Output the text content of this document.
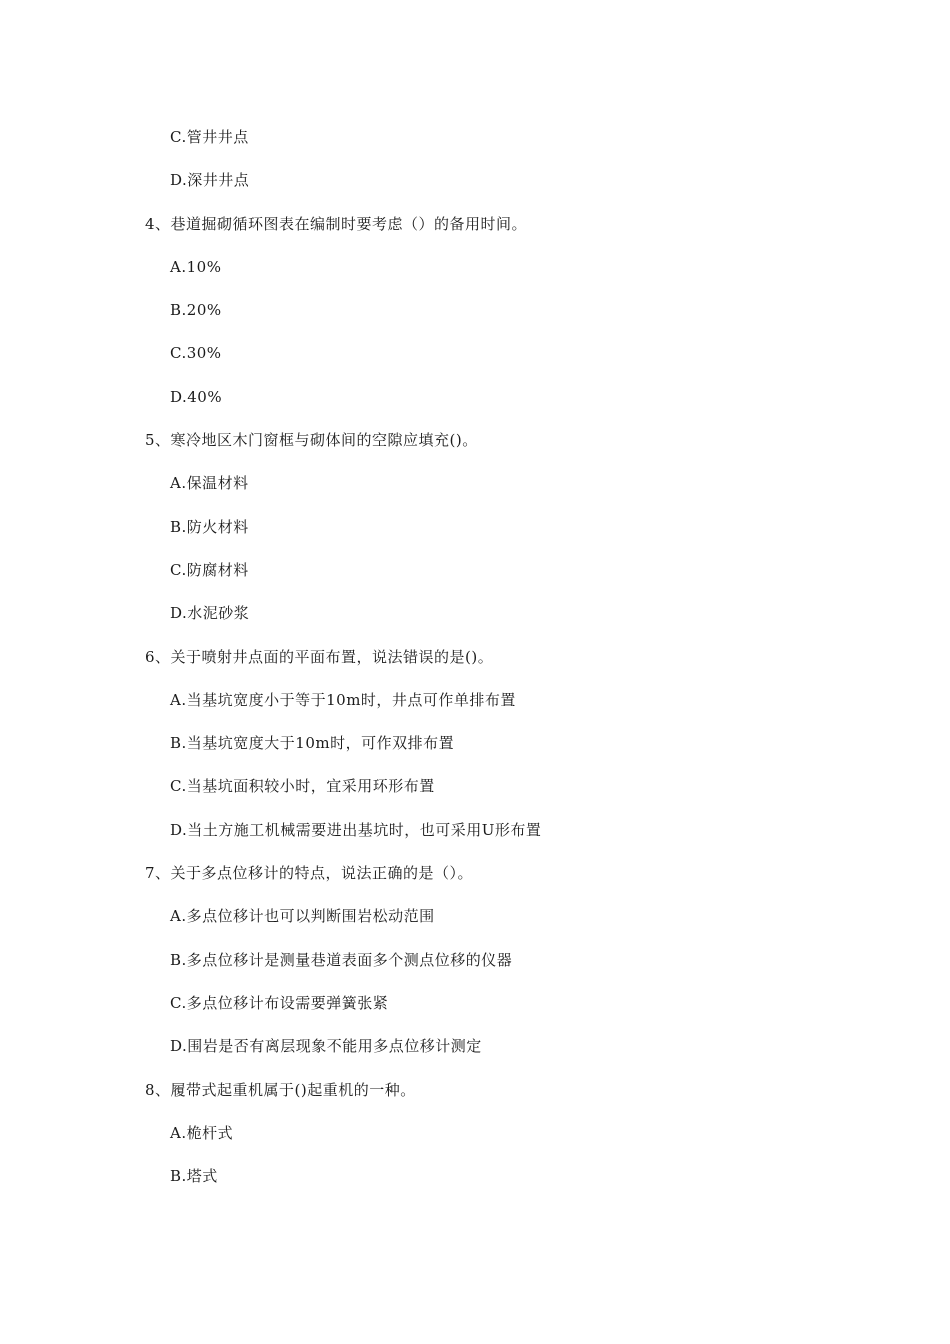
C.管井井点
D.深井井点
4、巷道掘砌循环图表在编制时要考虑（）的备用时间。
A.10%
B.20%
C.30%
D.40%
5、寒冷地区木门窗框与砌体间的空隙应填充()。
A.保温材料
B.防火材料
C.防腐材料
D.水泥砂浆
6、关于喷射井点面的平面布置，说法错误的是()。
A.当基坑宽度小于等于10m时，井点可作单排布置
B.当基坑宽度大于10m时，可作双排布置
C.当基坑面积较小时，宜采用环形布置
D.当土方施工机械需要进出基坑时，也可采用U形布置
7、关于多点位移计的特点，说法正确的是（）。
A.多点位移计也可以判断围岩松动范围
B.多点位移计是测量巷道表面多个测点位移的仪器
C.多点位移计布设需要弹簧张紧
D.围岩是否有离层现象不能用多点位移计测定
8、履带式起重机属于()起重机的一种。
A.桅杆式
B.塔式
